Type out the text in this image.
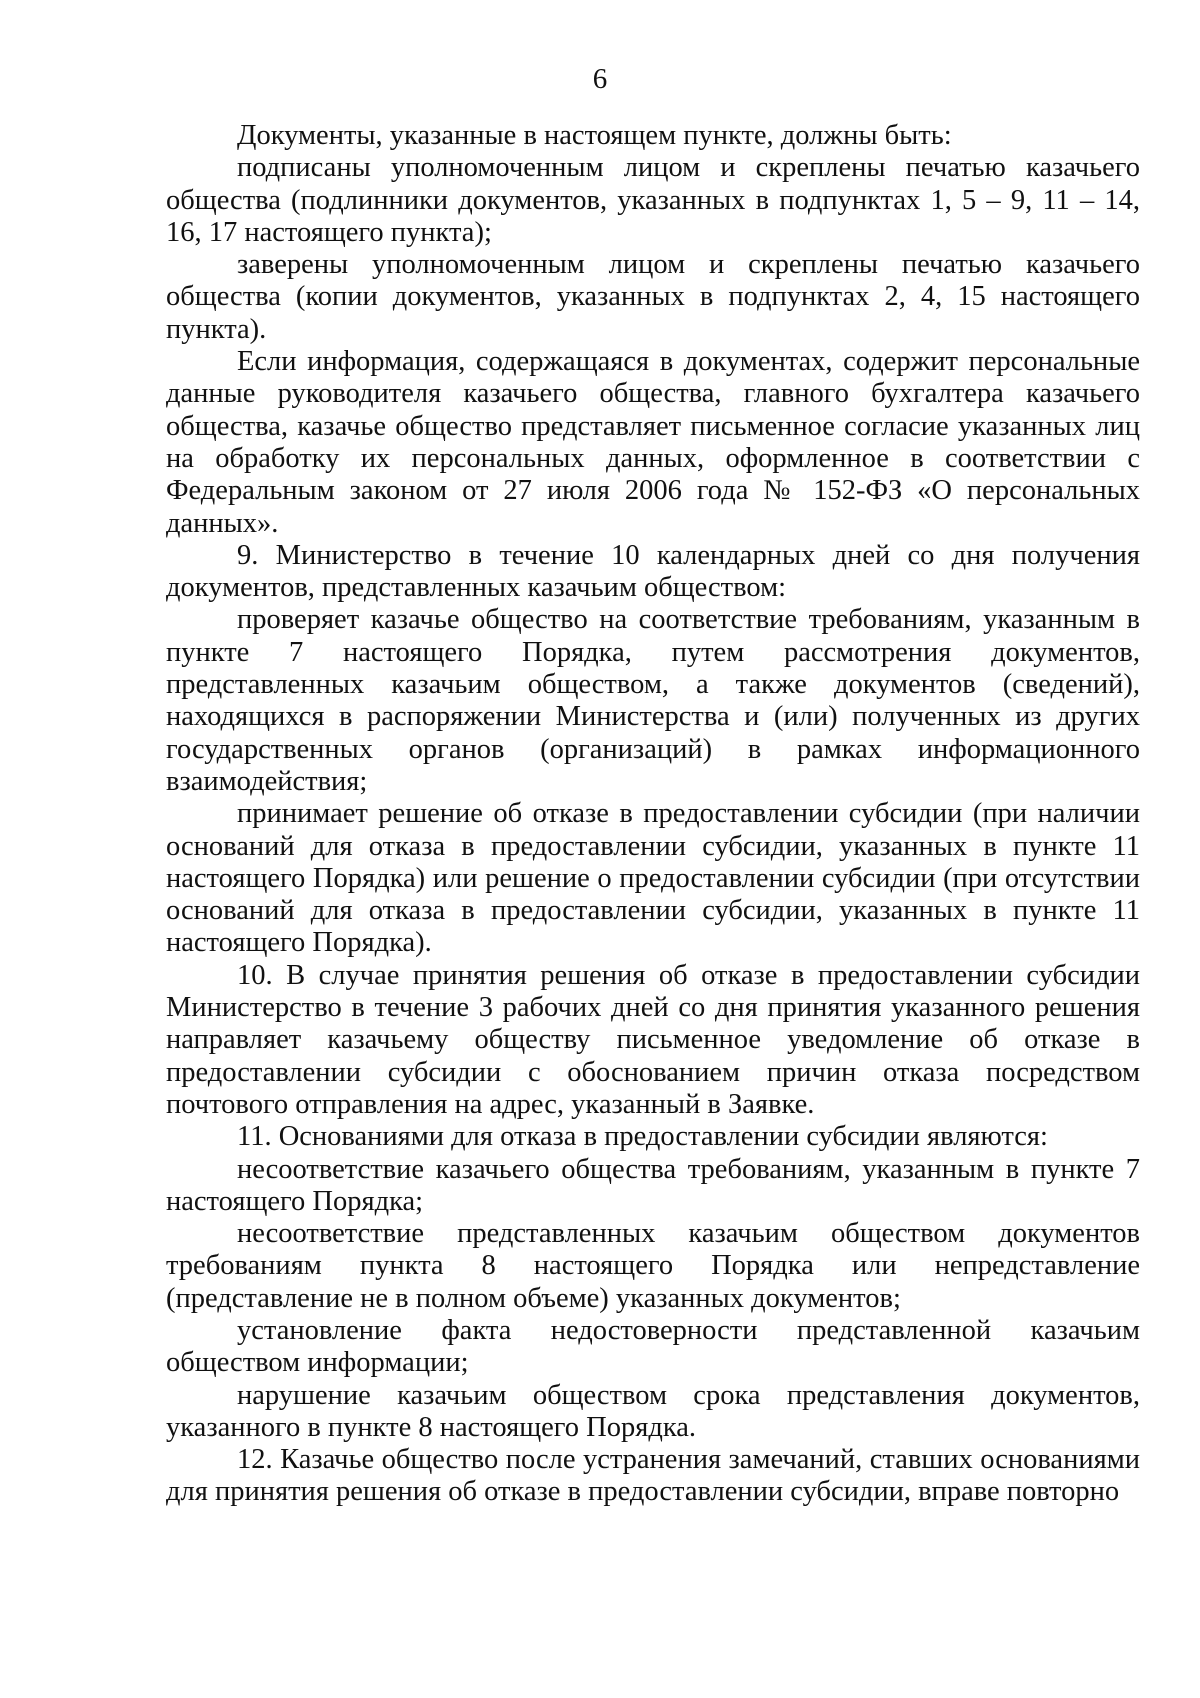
6

Документы, указанные в настоящем пункте, должны быть:

подписаны уполномоченным лицом и скреплены печатью казачьего общества (подлинники документов, указанных в подпунктах 1, 5 – 9, 11 – 14, 16, 17 настоящего пункта);

заверены уполномоченным лицом и скреплены печатью казачьего общества (копии документов, указанных в подпунктах 2, 4, 15 настоящего пункта).

Если информация, содержащаяся в документах, содержит персональные данные руководителя казачьего общества, главного бухгалтера казачьего общества, казачье общество представляет письменное согласие указанных лиц на обработку их персональных данных, оформленное в соответствии с Федеральным законом от 27 июля 2006 года № 152-ФЗ «О персональных данных».

9. Министерство в течение 10 календарных дней со дня получения документов, представленных казачьим обществом:

проверяет казачье общество на соответствие требованиям, указанным в пункте 7 настоящего Порядка, путем рассмотрения документов, представленных казачьим обществом, а также документов (сведений), находящихся в распоряжении Министерства и (или) полученных из других государственных органов (организаций) в рамках информационного взаимодействия;

принимает решение об отказе в предоставлении субсидии (при наличии оснований для отказа в предоставлении субсидии, указанных в пункте 11 настоящего Порядка) или решение о предоставлении субсидии (при отсутствии оснований для отказа в предоставлении субсидии, указанных в пункте 11 настоящего Порядка).

10. В случае принятия решения об отказе в предоставлении субсидии Министерство в течение 3 рабочих дней со дня принятия указанного решения направляет казачьему обществу письменное уведомление об отказе в предоставлении субсидии с обоснованием причин отказа посредством почтового отправления на адрес, указанный в Заявке.

11. Основаниями для отказа в предоставлении субсидии являются:

несоответствие казачьего общества требованиям, указанным в пункте 7 настоящего Порядка;

несоответствие представленных казачьим обществом документов требованиям пункта 8 настоящего Порядка или непредставление (представление не в полном объеме) указанных документов;

установление факта недостоверности представленной казачьим обществом информации;

нарушение казачьим обществом срока представления документов, указанного в пункте 8 настоящего Порядка.

12. Казачье общество после устранения замечаний, ставших основаниями для принятия решения об отказе в предоставлении субсидии, вправе повторно
